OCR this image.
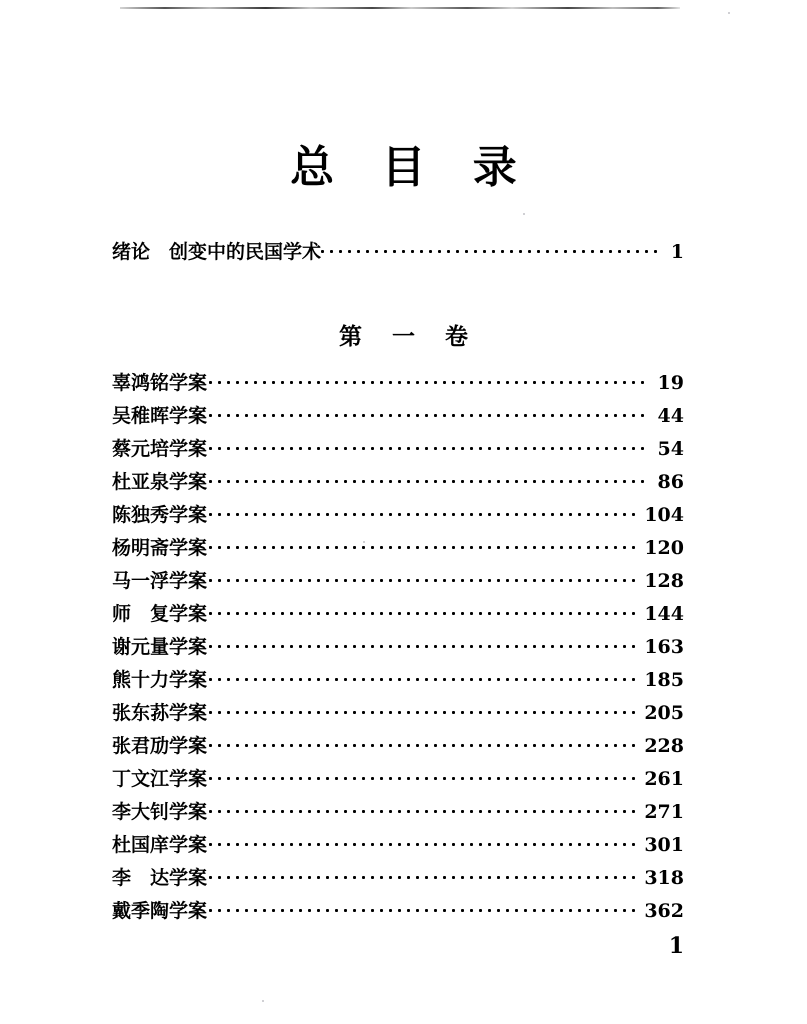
总 目 录
绪论　创变中的民国学术	1
第 一 卷
辜鸿铭学案	19
吴稚晖学案	44
蔡元培学案	54
杜亚泉学案	86
陈独秀学案	104
杨明斋学案	120
马一浮学案	128
师　复学案	144
谢元量学案	163
熊十力学案	185
张东荪学案	205
张君劢学案	228
丁文江学案	261
李大钊学案	271
杜国庠学案	301
李　达学案	318
戴季陶学案	362
1
